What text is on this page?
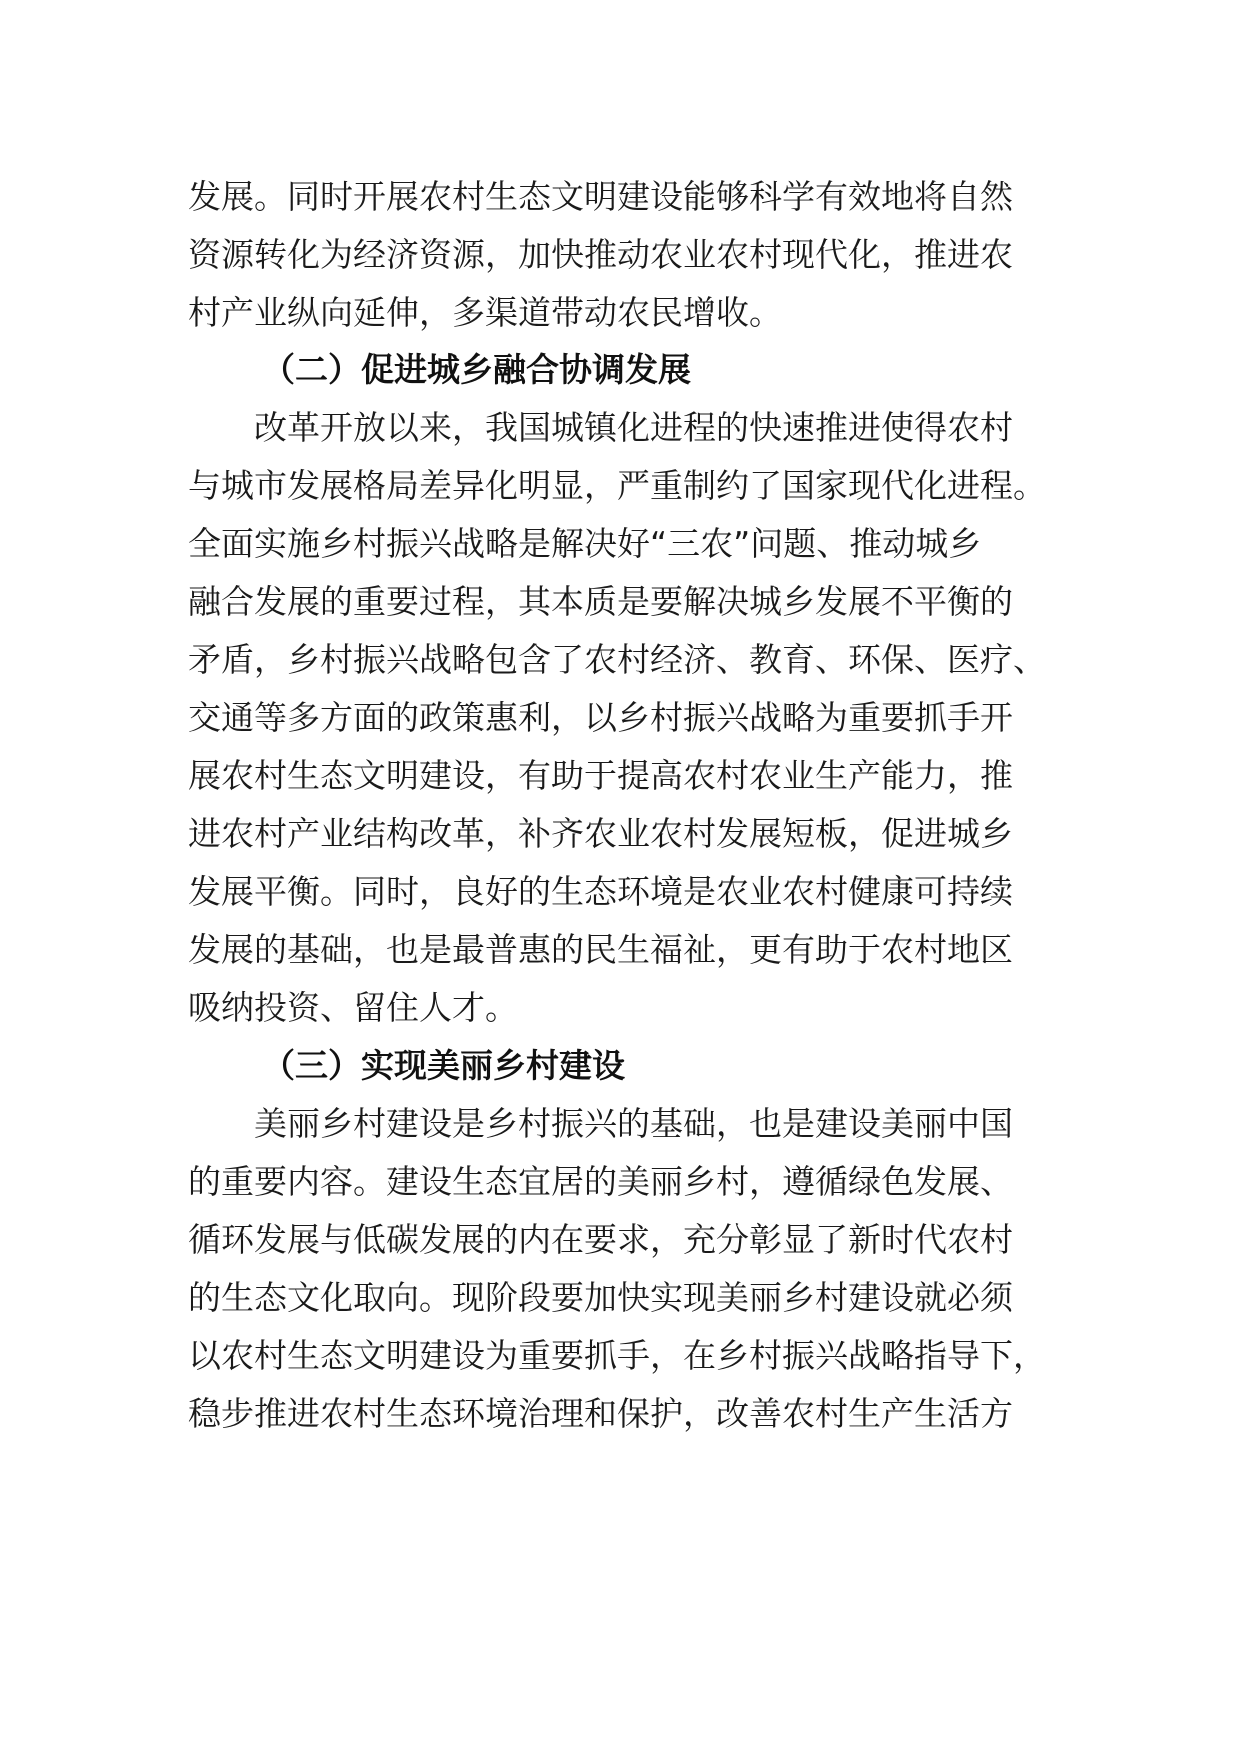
发展。同时开展农村生态文明建设能够科学有效地将自然
资源转化为经济资源，加快推动农业农村现代化，推进农
村产业纵向延伸，多渠道带动农民增收。
（二）促进城乡融合协调发展
改革开放以来，我国城镇化进程的快速推进使得农村
与城市发展格局差异化明显，严重制约了国家现代化进程。
全面实施乡村振兴战略是解决好“三农”问题、推动城乡
融合发展的重要过程，其本质是要解决城乡发展不平衡的
矛盾，乡村振兴战略包含了农村经济、教育、环保、医疗、
交通等多方面的政策惠利，以乡村振兴战略为重要抓手开
展农村生态文明建设，有助于提高农村农业生产能力，推
进农村产业结构改革，补齐农业农村发展短板，促进城乡
发展平衡。同时，良好的生态环境是农业农村健康可持续
发展的基础，也是最普惠的民生福祉，更有助于农村地区
吸纳投资、留住人才。
（三）实现美丽乡村建设
美丽乡村建设是乡村振兴的基础，也是建设美丽中国
的重要内容。建设生态宜居的美丽乡村，遵循绿色发展、
循环发展与低碳发展的内在要求，充分彰显了新时代农村
的生态文化取向。现阶段要加快实现美丽乡村建设就必须
以农村生态文明建设为重要抓手，在乡村振兴战略指导下，
稳步推进农村生态环境治理和保护，改善农村生产生活方
